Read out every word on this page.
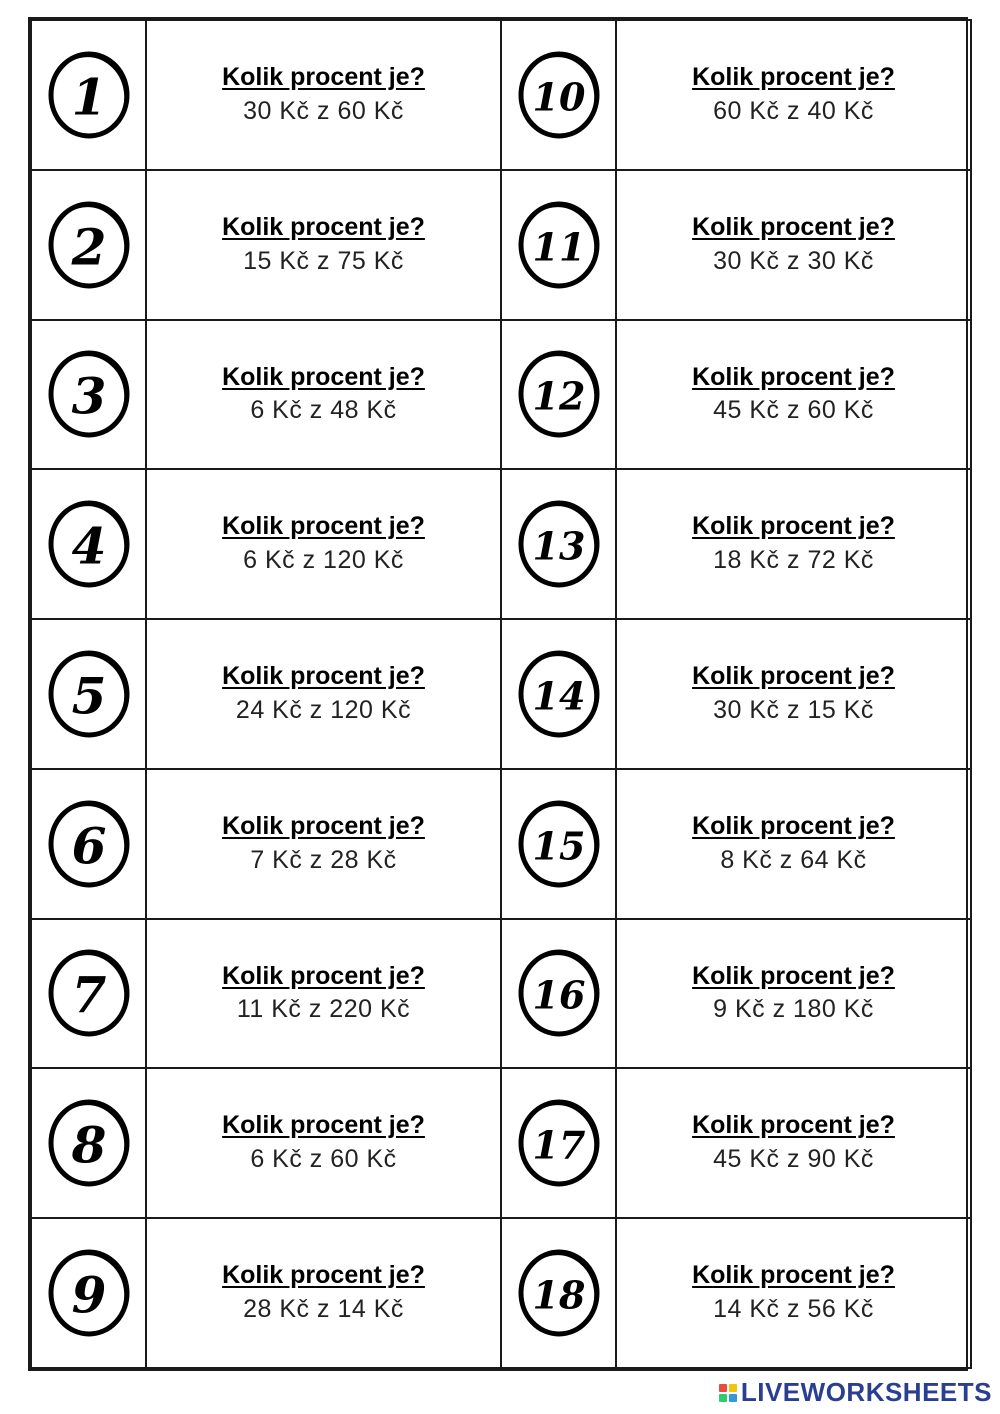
1	Kolik procent je?
30 Kč z 60 Kč	10	Kolik procent je?
60 Kč z 40 Kč

2	Kolik procent je?
15 Kč z 75 Kč	11	Kolik procent je?
30 Kč z 30 Kč

3	Kolik procent je?
6 Kč z 48 Kč	12	Kolik procent je?
45 Kč z 60 Kč

4	Kolik procent je?
6 Kč z 120 Kč	13	Kolik procent je?
18 Kč z 72 Kč

5	Kolik procent je?
24 Kč z 120 Kč	14	Kolik procent je?
30 Kč z 15 Kč

6	Kolik procent je?
7 Kč z 28 Kč	15	Kolik procent je?
8 Kč z 64 Kč

7	Kolik procent je?
11 Kč z 220 Kč	16	Kolik procent je?
9 Kč z 180 Kč

8	Kolik procent je?
6 Kč z 60 Kč	17	Kolik procent je?
45 Kč z 90 Kč

9	Kolik procent je?
28 Kč z 14 Kč	18	Kolik procent je?
14 Kč z 56 Kč
LIVEWORKSHEETS
